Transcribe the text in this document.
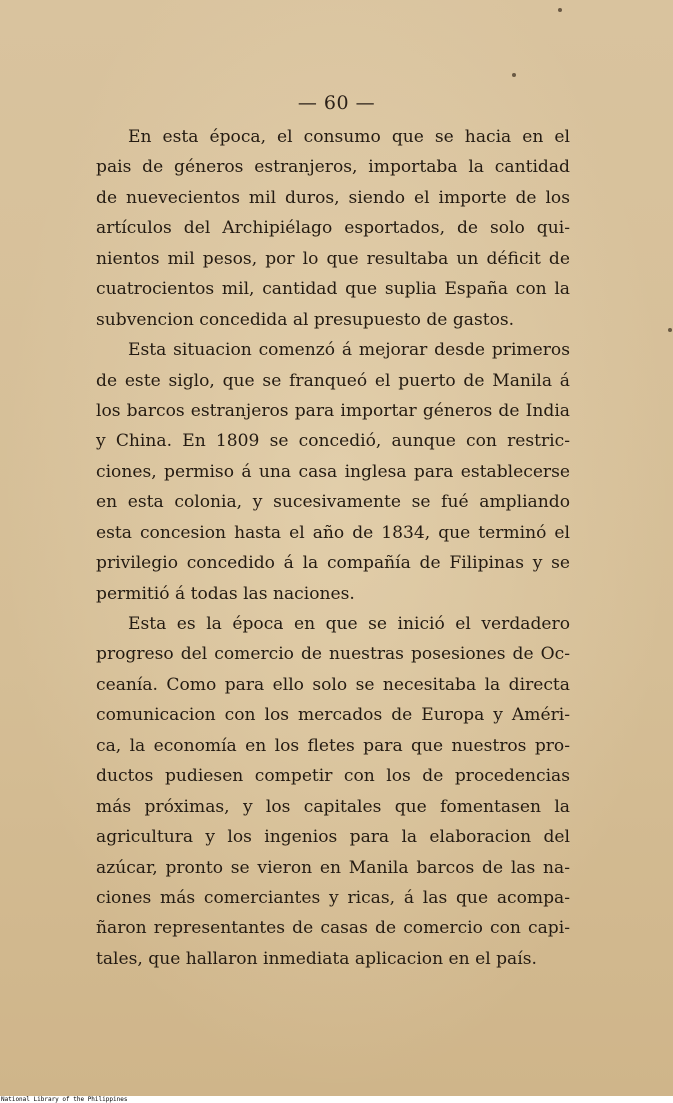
— 60 —
En esta época, el consumo que se hacia en el
pais de géneros estranjeros, importaba la cantidad
de nuevecientos mil duros, siendo el importe de los
artículos del Archipiélago esportados, de solo qui-
nientos mil pesos, por lo que resultaba un déficit de
cuatrocientos mil, cantidad que suplia España con la
subvencion concedida al presupuesto de gastos.
Esta situacion comenzó á mejorar desde primeros
de este siglo, que se franqueó el puerto de Manila á
los barcos estranjeros para importar géneros de India
y China. En 1809 se concedió, aunque con restric-
ciones, permiso á una casa inglesa para establecerse
en esta colonia, y sucesivamente se fué ampliando
esta concesion hasta el año de 1834, que terminó el
privilegio concedido á la compañía de Filipinas y se
permitió á todas las naciones.
Esta es la época en que se inició el verdadero
progreso del comercio de nuestras posesiones de Oc-
ceanía. Como para ello solo se necesitaba la directa
comunicacion con los mercados de Europa y Améri-
ca, la economía en los fletes para que nuestros pro-
ductos pudiesen competir con los de procedencias
más próximas, y los capitales que fomentasen la
agricultura y los ingenios para la elaboracion del
azúcar, pronto se vieron en Manila barcos de las na-
ciones más comerciantes y ricas, á las que acompa-
ñaron representantes de casas de comercio con capi-
tales, que hallaron inmediata aplicacion en el país.
National Library of the Philippines
